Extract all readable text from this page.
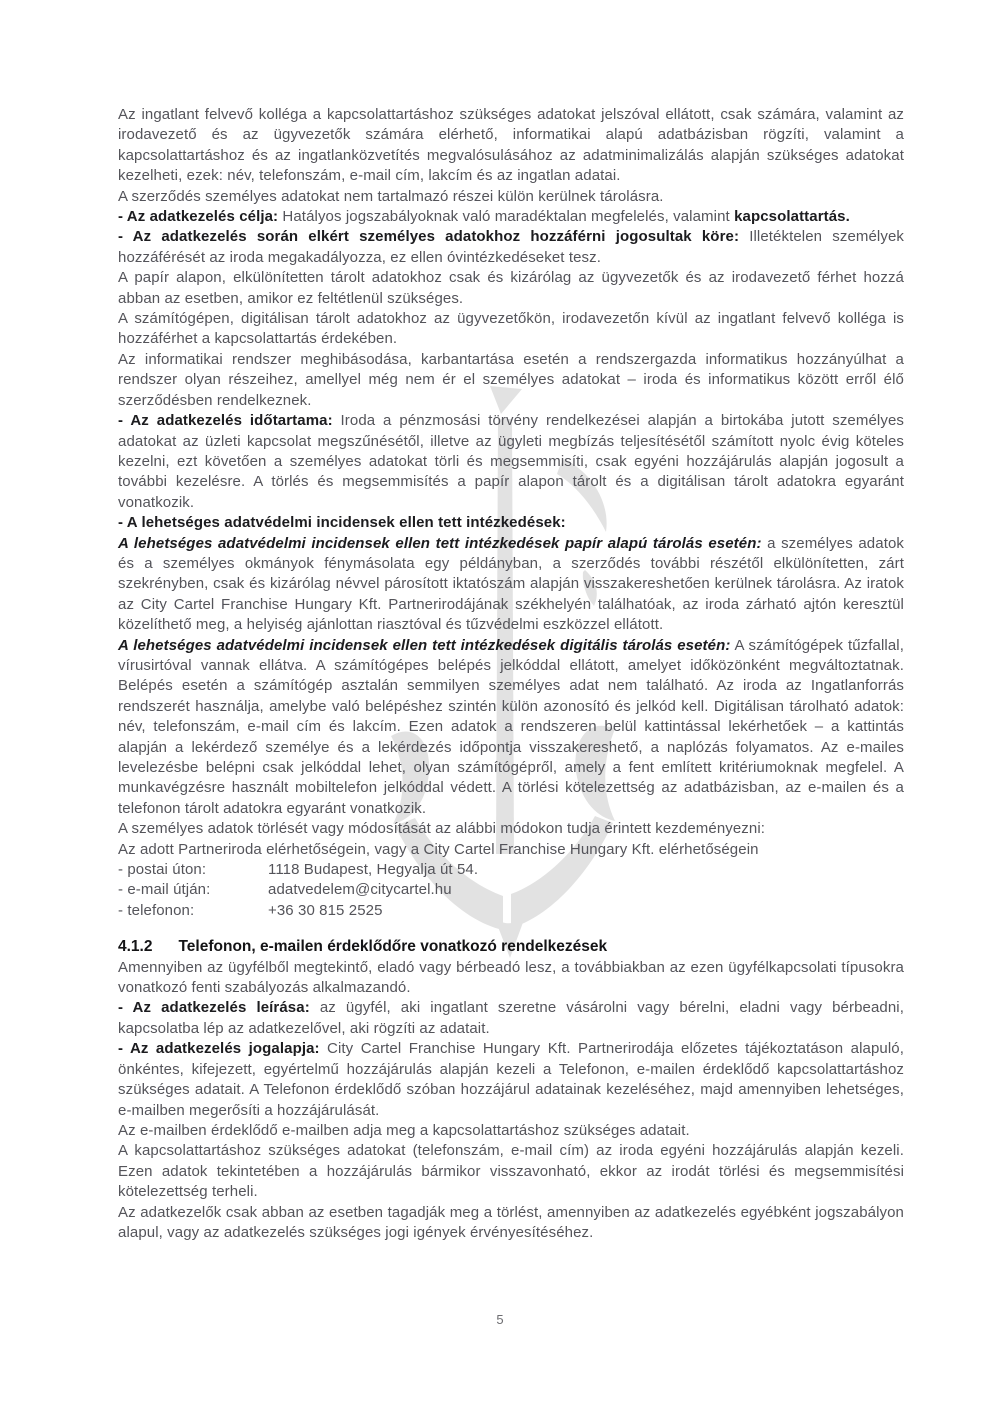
Az ingatlant felvevő kolléga a kapcsolattartáshoz szükséges adatokat jelszóval ellátott, csak számára, valamint az irodavezető és az ügyvezetők számára elérhető, informatikai alapú adatbázisban rögzíti, valamint a kapcsolattartáshoz és az ingatlanközvetítés megvalósulásához az adatminimalizálás alapján szükséges adatokat kezelheti, ezek: név, telefonszám, e-mail cím, lakcím és az ingatlan adatai.

A szerződés személyes adatokat nem tartalmazó részei külön kerülnek tárolásra.

- Az adatkezelés célja: Hatályos jogszabályoknak való maradéktalan megfelelés, valamint kapcsolattartás.

- Az adatkezelés során elkért személyes adatokhoz hozzáférni jogosultak köre: Illetéktelen személyek hozzáférését az iroda megakadályozza, ez ellen óvintézkedéseket tesz.

A papír alapon, elkülönítetten tárolt adatokhoz csak és kizárólag az ügyvezetők és az irodavezető férhet hozzá abban az esetben, amikor ez feltétlenül szükséges.

A számítógépen, digitálisan tárolt adatokhoz az ügyvezetőkön, irodavezetőn kívül az ingatlant felvevő kolléga is hozzáférhet a kapcsolattartás érdekében.

Az informatikai rendszer meghibásodása, karbantartása esetén a rendszergazda informatikus hozzányúlhat a rendszer olyan részeihez, amellyel még nem ér el személyes adatokat – iroda és informatikus között erről élő szerződésben rendelkeznek.

- Az adatkezelés időtartama: Iroda a pénzmosási törvény rendelkezései alapján a birtokába jutott személyes adatokat az üzleti kapcsolat megszűnésétől, illetve az ügyleti megbízás teljesítésétől számított nyolc évig köteles kezelni, ezt követően a személyes adatokat törli és megsemmisíti, csak egyéni hozzájárulás alapján jogosult a további kezelésre. A törlés és megsemmisítés a papír alapon tárolt és a digitálisan tárolt adatokra egyaránt vonatkozik.

- A lehetséges adatvédelmi incidensek ellen tett intézkedések:

A lehetséges adatvédelmi incidensek ellen tett intézkedések papír alapú tárolás esetén: a személyes adatok és a személyes okmányok fénymásolata egy példányban, a szerződés további részétől elkülönítetten, zárt szekrényben, csak és kizárólag névvel párosított iktatószám alapján visszakereshetően kerülnek tárolásra. Az iratok az City Cartel Franchise Hungary Kft. Partnerirodájának székhelyén találhatóak, az iroda zárható ajtón keresztül közelíthető meg, a helyiség ajánlottan riasztóval és tűzvédelmi eszközzel ellátott.

A lehetséges adatvédelmi incidensek ellen tett intézkedések digitális tárolás esetén: A számítógépek tűzfallal, vírusirtóval vannak ellátva. A számítógépes belépés jelkóddal ellátott, amelyet időközönként megváltoztatnak. Belépés esetén a számítógép asztalán semmilyen személyes adat nem található. Az iroda az Ingatlanforrás rendszerét használja, amelybe való belépéshez szintén külön azonosító és jelkód kell. Digitálisan tárolható adatok: név, telefonszám, e-mail cím és lakcím. Ezen adatok a rendszeren belül kattintással lekérhetőek – a kattintás alapján a lekérdező személye és a lekérdezés időpontja visszakereshető, a naplózás folyamatos. Az e-mailes levelezésbe belépni csak jelkóddal lehet, olyan számítógépről, amely a fent említett kritériumoknak megfelel. A munkavégzésre használt mobiltelefon jelkóddal védett. A törlési kötelezettség az adatbázisban, az e-mailen és a telefonon tárolt adatokra egyaránt vonatkozik.

A személyes adatok törlését vagy módosítását az alábbi módokon tudja érintett kezdeményezni:

Az adott Partneriroda elérhetőségein, vagy a City Cartel Franchise Hungary Kft. elérhetőségein

- postai úton:	1118 Budapest, Hegyalja út 54.
- e-mail útján:	adatvedelem@citycartel.hu
- telefonon:	+36 30 815 2525
4.1.2 Telefonon, e-mailen érdeklődőre vonatkozó rendelkezések

Amennyiben az ügyfélből megtekintő, eladó vagy bérbeadó lesz, a továbbiakban az ezen ügyfélkapcsolati típusokra vonatkozó fenti szabályozás alkalmazandó.

- Az adatkezelés leírása: az ügyfél, aki ingatlant szeretne vásárolni vagy bérelni, eladni vagy bérbeadni, kapcsolatba lép az adatkezelővel, aki rögzíti az adatait.

- Az adatkezelés jogalapja: City Cartel Franchise Hungary Kft. Partnerirodája előzetes tájékoztatáson alapuló, önkéntes, kifejezett, egyértelmű hozzájárulás alapján kezeli a Telefonon, e-mailen érdeklődő kapcsolattartáshoz szükséges adatait. A Telefonon érdeklődő szóban hozzájárul adatainak kezeléséhez, majd amennyiben lehetséges, e-mailben megerősíti a hozzájárulását.

Az e-mailben érdeklődő e-mailben adja meg a kapcsolattartáshoz szükséges adatait.

A kapcsolattartáshoz szükséges adatokat (telefonszám, e-mail cím) az iroda egyéni hozzájárulás alapján kezeli. Ezen adatok tekintetében a hozzájárulás bármikor visszavonható, ekkor az irodát törlési és megsemmisítési kötelezettség terheli.

Az adatkezelők csak abban az esetben tagadják meg a törlést, amennyiben az adatkezelés egyébként jogszabályon alapul, vagy az adatkezelés szükséges jogi igények érvényesítéséhez.

5
